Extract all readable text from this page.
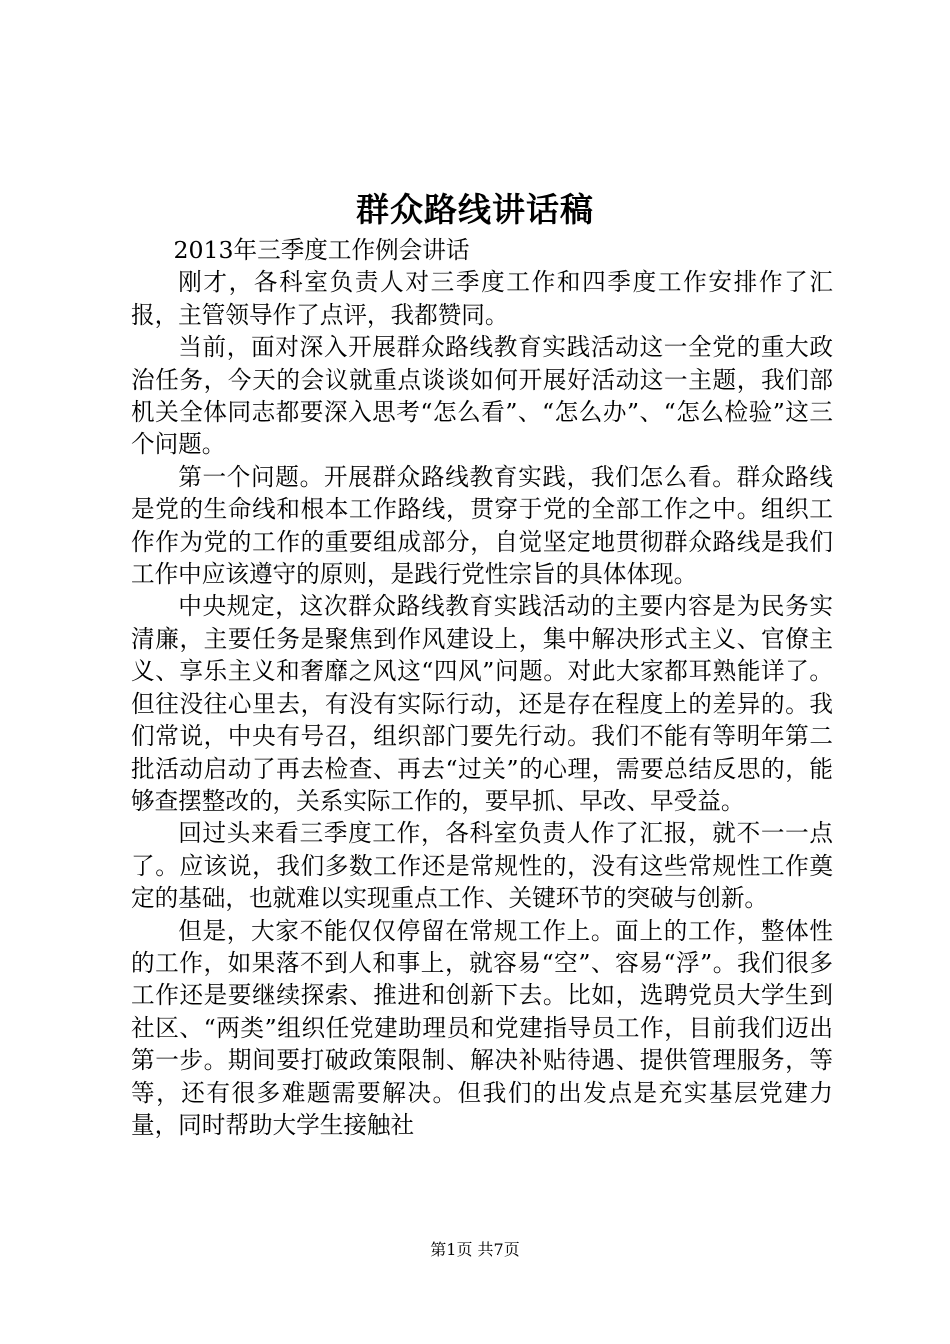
群众路线讲话稿

2013年三季度工作例会讲话

刚才，各科室负责人对三季度工作和四季度工作安排作了汇报，主管领导作了点评，我都赞同。

当前，面对深入开展群众路线教育实践活动这一全党的重大政治任务，今天的会议就重点谈谈如何开展好活动这一主题，我们部机关全体同志都要深入思考“怎么看”、“怎么办”、“怎么检验”这三个问题。

第一个问题。开展群众路线教育实践，我们怎么看。群众路线是党的生命线和根本工作路线，贯穿于党的全部工作之中。组织工作作为党的工作的重要组成部分，自觉坚定地贯彻群众路线是我们工作中应该遵守的原则，是践行党性宗旨的具体体现。

中央规定，这次群众路线教育实践活动的主要内容是为民务实清廉，主要任务是聚焦到作风建设上，集中解决形式主义、官僚主义、享乐主义和奢靡之风这“四风”问题。对此大家都耳熟能详了。但往没往心里去，有没有实际行动，还是存在程度上的差异的。我们常说，中央有号召，组织部门要先行动。我们不能有等明年第二批活动启动了再去检查、再去“过关”的心理，需要总结反思的，能够查摆整改的，关系实际工作的，要早抓、早改、早受益。

回过头来看三季度工作，各科室负责人作了汇报，就不一一点了。应该说，我们多数工作还是常规性的，没有这些常规性工作奠定的基础，也就难以实现重点工作、关键环节的突破与创新。

但是，大家不能仅仅停留在常规工作上。面上的工作，整体性的工作，如果落不到人和事上，就容易“空”、容易“浮”。我们很多工作还是要继续探索、推进和创新下去。比如，选聘党员大学生到社区、“两类”组织任党建助理员和党建指导员工作，目前我们迈出第一步。期间要打破政策限制、解决补贴待遇、提供管理服务，等等，还有很多难题需要解决。但我们的出发点是充实基层党建力量，同时帮助大学生接触社

第1页 共7页
